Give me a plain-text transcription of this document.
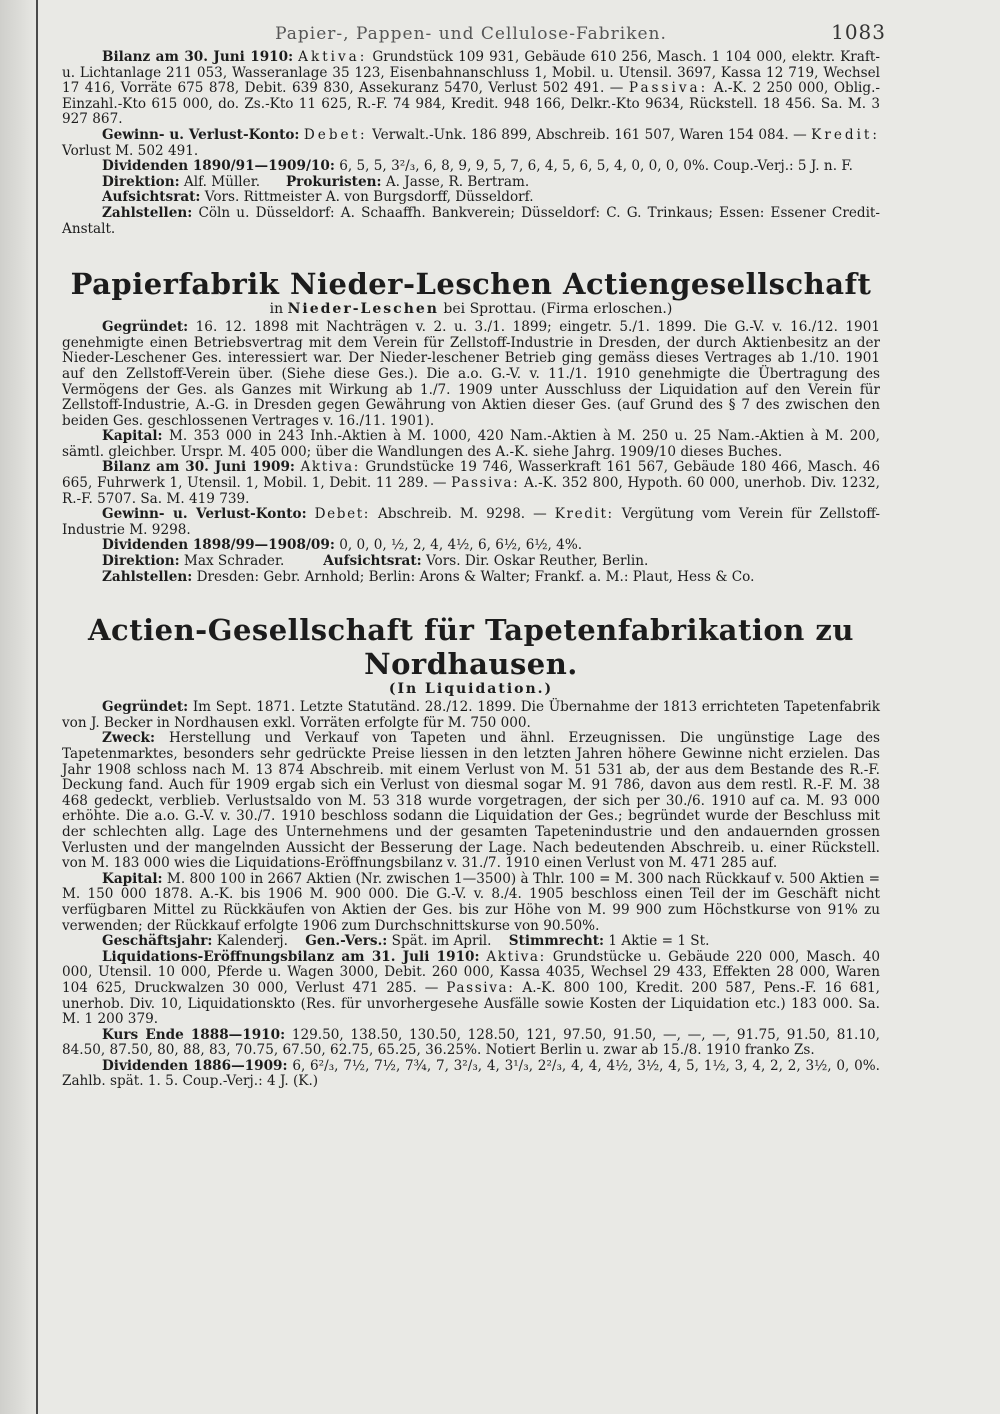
Papier-, Pappen- und Cellulose-Fabriken.	1083

Bilanz am 30. Juni 1910: Aktiva: Grundstück 109 931, Gebäude 610 256, Masch. 1 104 000, elektr. Kraft- u. Lichtanlage 211 053, Wasseranlage 35 123, Eisenbahnanschluss 1, Mobil. u. Utensil. 3697, Kassa 12 719, Wechsel 17 416, Vorräte 675 878, Debit. 639 830, Assekuranz 5470, Verlust 502 491. — Passiva: A.-K. 2 250 000, Oblig.-Einzahl.-Kto 615 000, do. Zs.-Kto 11 625, R.-F. 74 984, Kredit. 948 166, Delkr.-Kto 9634, Rückstell. 18 456. Sa. M. 3 927 867.

Gewinn- u. Verlust-Konto: Debet: Verwalt.-Unk. 186 899, Abschreib. 161 507, Waren 154 084. — Kredit: Vorlust M. 502 491.

Dividenden 1890/91—1909/10: 6, 5, 5, 3²/₃, 6, 8, 9, 9, 5, 7, 6, 4, 5, 6, 5, 4, 0, 0, 0, 0%. Coup.-Verj.: 5 J. n. F.

Direktion: Alf. Müller. Prokuristen: A. Jasse, R. Bertram.

Aufsichtsrat: Vors. Rittmeister A. von Burgsdorff, Düsseldorf.

Zahlstellen: Cöln u. Düsseldorf: A. Schaaffh. Bankverein; Düsseldorf: C. G. Trinkaus; Essen: Essener Credit-Anstalt.

Papierfabrik Nieder-Leschen Actiengesellschaft

in Nieder-Leschen bei Sprottau. (Firma erloschen.)

Gegründet: 16. 12. 1898 mit Nachträgen v. 2. u. 3./1. 1899; eingetr. 5./1. 1899. Die G.-V. v. 16./12. 1901 genehmigte einen Betriebsvertrag mit dem Verein für Zellstoff-Industrie in Dresden, der durch Aktienbesitz an der Nieder-Leschener Ges. interessiert war. Der Nieder-leschener Betrieb ging gemäss dieses Vertrages ab 1./10. 1901 auf den Zellstoff-Verein über. (Siehe diese Ges.). Die a.o. G.-V. v. 11./1. 1910 genehmigte die Übertragung des Vermögens der Ges. als Ganzes mit Wirkung ab 1./7. 1909 unter Ausschluss der Liquidation auf den Verein für Zellstoff-Industrie, A.-G. in Dresden gegen Gewährung von Aktien dieser Ges. (auf Grund des § 7 des zwischen den beiden Ges. geschlossenen Vertrages v. 16./11. 1901).

Kapital: M. 353 000 in 243 Inh.-Aktien à M. 1000, 420 Nam.-Aktien à M. 250 u. 25 Nam.-Aktien à M. 200, sämtl. gleichber. Urspr. M. 405 000; über die Wandlungen des A.-K. siehe Jahrg. 1909/10 dieses Buches.

Bilanz am 30. Juni 1909: Aktiva: Grundstücke 19 746, Wasserkraft 161 567, Gebäude 180 466, Masch. 46 665, Fuhrwerk 1, Utensil. 1, Mobil. 1, Debit. 11 289. — Passiva: A.-K. 352 800, Hypoth. 60 000, unerhob. Div. 1232, R.-F. 5707. Sa. M. 419 739.

Gewinn- u. Verlust-Konto: Debet: Abschreib. M. 9298. — Kredit: Vergütung vom Verein für Zellstoff-Industrie M. 9298.

Dividenden 1898/99—1908/09: 0, 0, 0, ½, 2, 4, 4½, 6, 6½, 6½, 4%.

Direktion: Max Schrader.	Aufsichtsrat: Vors. Dir. Oskar Reuther, Berlin.

Zahlstellen: Dresden: Gebr. Arnhold; Berlin: Arons & Walter; Frankf. a. M.: Plaut, Hess & Co.

Actien-Gesellschaft für Tapetenfabrikation zu Nordhausen.

(In Liquidation.)

Gegründet: Im Sept. 1871. Letzte Statutänd. 28./12. 1899. Die Übernahme der 1813 errichteten Tapetenfabrik von J. Becker in Nordhausen exkl. Vorräten erfolgte für M. 750 000.

Zweck: Herstellung und Verkauf von Tapeten und ähnl. Erzeugnissen. Die ungünstige Lage des Tapetenmarktes, besonders sehr gedrückte Preise liessen in den letzten Jahren höhere Gewinne nicht erzielen. Das Jahr 1908 schloss nach M. 13 874 Abschreib. mit einem Verlust von M. 51 531 ab, der aus dem Bestande des R.-F. Deckung fand. Auch für 1909 ergab sich ein Verlust von diesmal sogar M. 91 786, davon aus dem restl. R.-F. M. 38 468 gedeckt, verblieb. Verlustsaldo von M. 53 318 wurde vorgetragen, der sich per 30./6. 1910 auf ca. M. 93 000 erhöhte. Die a.o. G.-V. v. 30./7. 1910 beschloss sodann die Liquidation der Ges.; begründet wurde der Beschluss mit der schlechten allg. Lage des Unternehmens und der gesamten Tapetenindustrie und den andauernden grossen Verlusten und der mangelnden Aussicht der Besserung der Lage. Nach bedeutenden Abschreib. u. einer Rückstell. von M. 183 000 wies die Liquidations-Eröffnungsbilanz v. 31./7. 1910 einen Verlust von M. 471 285 auf.

Kapital: M. 800 100 in 2667 Aktien (Nr. zwischen 1—3500) à Thlr. 100 = M. 300 nach Rückkauf v. 500 Aktien = M. 150 000 1878. A.-K. bis 1906 M. 900 000. Die G.-V. v. 8./4. 1905 beschloss einen Teil der im Geschäft nicht verfügbaren Mittel zu Rückkäufen von Aktien der Ges. bis zur Höhe von M. 99 900 zum Höchstkurse von 91% zu verwenden; der Rückkauf erfolgte 1906 zum Durchschnittskurse von 90.50%.

Geschäftsjahr: Kalenderj. Gen.-Vers.: Spät. im April. Stimmrecht: 1 Aktie = 1 St.

Liquidations-Eröffnungsbilanz am 31. Juli 1910: Aktiva: Grundstücke u. Gebäude 220 000, Masch. 40 000, Utensil. 10 000, Pferde u. Wagen 3000, Debit. 260 000, Kassa 4035, Wechsel 29 433, Effekten 28 000, Waren 104 625, Druckwalzen 30 000, Verlust 471 285. — Passiva: A.-K. 800 100, Kredit. 200 587, Pens.-F. 16 681, unerhob. Div. 10, Liquidationskto (Res. für unvorhergesehe Ausfälle sowie Kosten der Liquidation etc.) 183 000. Sa. M. 1 200 379.

Kurs Ende 1888—1910: 129.50, 138.50, 130.50, 128.50, 121, 97.50, 91.50, —, —, —, 91.75, 91.50, 81.10, 84.50, 87.50, 80, 88, 83, 70.75, 67.50, 62.75, 65.25, 36.25%. Notiert Berlin u. zwar ab 15./8. 1910 franko Zs.

Dividenden 1886—1909: 6, 6²/₃, 7½, 7½, 7¾, 7, 3²/₃, 4, 3¹/₃, 2²/₃, 4, 4, 4½, 3½, 4, 5, 1½, 3, 4, 2, 2, 3½, 0, 0%. Zahlb. spät. 1. 5. Coup.-Verj.: 4 J. (K.)
